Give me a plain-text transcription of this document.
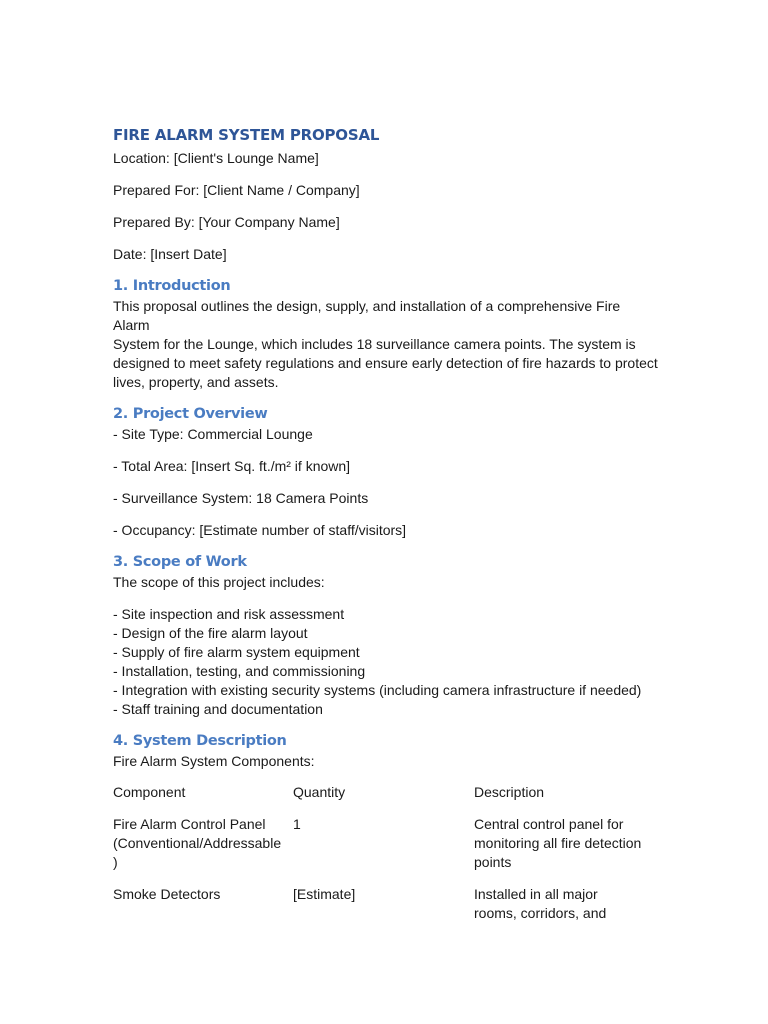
FIRE ALARM SYSTEM PROPOSAL

Location: [Client's Lounge Name]

Prepared For: [Client Name / Company]

Prepared By: [Your Company Name]

Date: [Insert Date]

1. Introduction

This proposal outlines the design, supply, and installation of a comprehensive Fire Alarm

System for the Lounge, which includes 18 surveillance camera points. The system is

designed to meet safety regulations and ensure early detection of fire hazards to protect

lives, property, and assets.

2. Project Overview

- Site Type: Commercial Lounge

- Total Area: [Insert Sq. ft./m² if known]

- Surveillance System: 18 Camera Points

- Occupancy: [Estimate number of staff/visitors]

3. Scope of Work

The scope of this project includes:

- Site inspection and risk assessment

- Design of the fire alarm layout

- Supply of fire alarm system equipment

- Installation, testing, and commissioning

- Integration with existing security systems (including camera infrastructure if needed)

- Staff training and documentation

4. System Description

Fire Alarm System Components:

Component	Quantity	Description
Fire Alarm Control Panel
(Conventional/Addressable
)
1	Central control panel for
monitoring all fire detection
points
Smoke Detectors	[Estimate]	Installed in all major
rooms, corridors, and
